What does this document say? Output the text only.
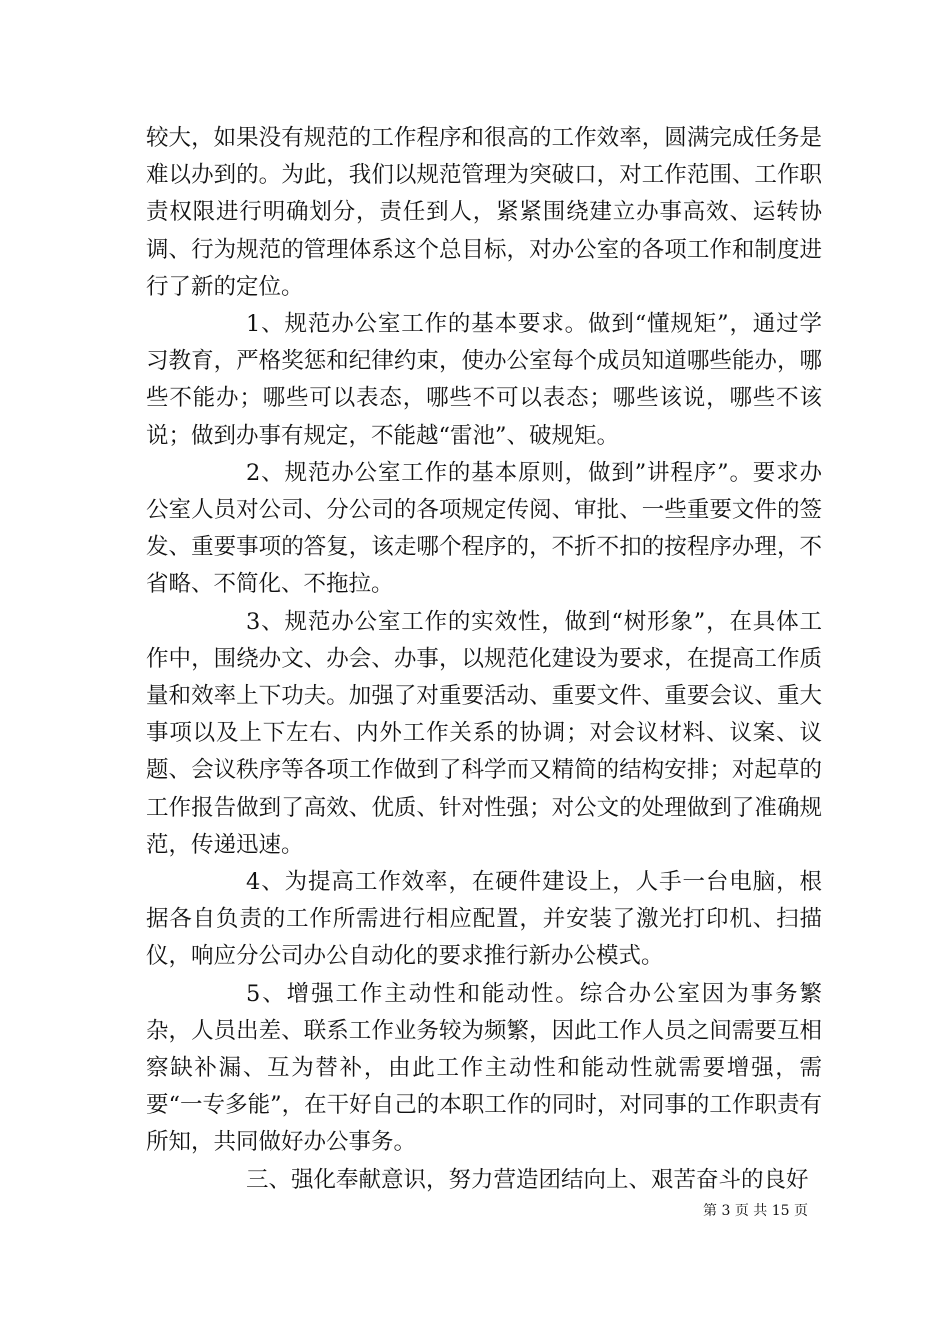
较大，如果没有规范的工作程序和很高的工作效率，圆满完成任务是难以办到的。为此，我们以规范管理为突破口，对工作范围、工作职责权限进行明确划分，责任到人，紧紧围绕建立办事高效、运转协调、行为规范的管理体系这个总目标，对办公室的各项工作和制度进行了新的定位。

1、规范办公室工作的基本要求。做到“懂规矩”，通过学习教育，严格奖惩和纪律约束，使办公室每个成员知道哪些能办，哪些不能办；哪些可以表态，哪些不可以表态；哪些该说，哪些不该说；做到办事有规定，不能越“雷池”、破规矩。

2、规范办公室工作的基本原则，做到”讲程序”。要求办公室人员对公司、分公司的各项规定传阅、审批、一些重要文件的签发、重要事项的答复，该走哪个程序的，不折不扣的按程序办理，不省略、不简化、不拖拉。

3、规范办公室工作的实效性，做到“树形象”，在具体工作中，围绕办文、办会、办事，以规范化建设为要求，在提高工作质量和效率上下功夫。加强了对重要活动、重要文件、重要会议、重大事项以及上下左右、内外工作关系的协调；对会议材料、议案、议题、会议秩序等各项工作做到了科学而又精简的结构安排；对起草的工作报告做到了高效、优质、针对性强；对公文的处理做到了准确规范，传递迅速。

4、为提高工作效率，在硬件建设上，人手一台电脑，根据各自负责的工作所需进行相应配置，并安装了激光打印机、扫描仪，响应分公司办公自动化的要求推行新办公模式。

5、增强工作主动性和能动性。综合办公室因为事务繁杂，人员出差、联系工作业务较为频繁，因此工作人员之间需要互相察缺补漏、互为替补，由此工作主动性和能动性就需要增强，需要“一专多能”，在干好自己的本职工作的同时，对同事的工作职责有所知，共同做好办公事务。

三、强化奉献意识，努力营造团结向上、艰苦奋斗的良好

第 3 页 共 15 页
